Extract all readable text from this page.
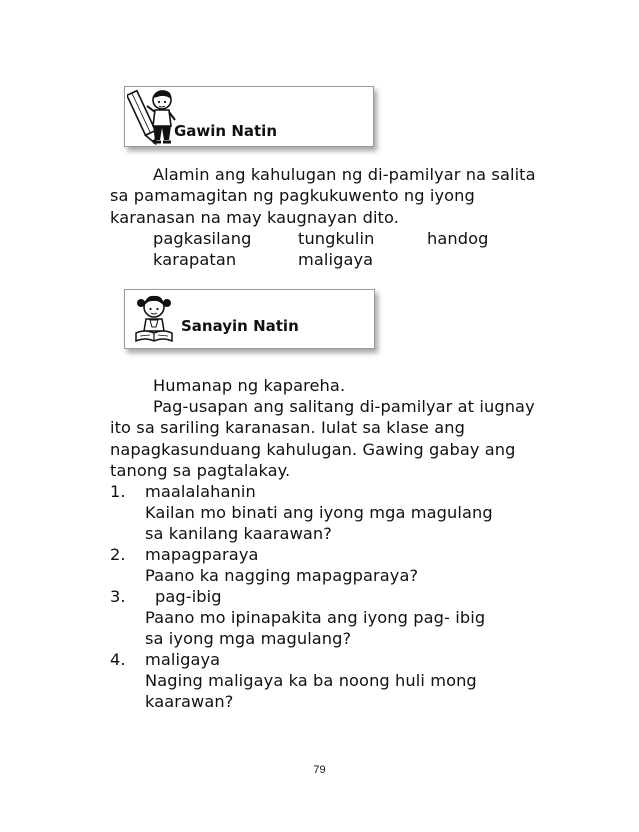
Gawin Natin
Alamin ang kahulugan ng di-pamilyar na salita
sa pamamagitan ng pagkukuwento ng iyong
karanasan na may kaugnayan dito.
pagkasilang	tungkulin	handog
karapatan	maligaya
Sanayin Natin
Humanap ng kapareha.
Pag-usapan ang salitang di-pamilyar at iugnay
ito sa sariling karanasan. Iulat sa klase ang
napagkasunduang kahulugan. Gawing gabay ang
tanong sa pagtalakay.
1. maalalahanin
Kailan mo binati ang iyong mga magulang
sa kanilang kaarawan?
2. mapagparaya
Paano ka nagging mapagparaya?
3. pag-ibig
Paano mo ipinapakita ang iyong pag- ibig
sa iyong mga magulang?
4. maligaya
Naging maligaya ka ba noong huli mong
kaarawan?
79
